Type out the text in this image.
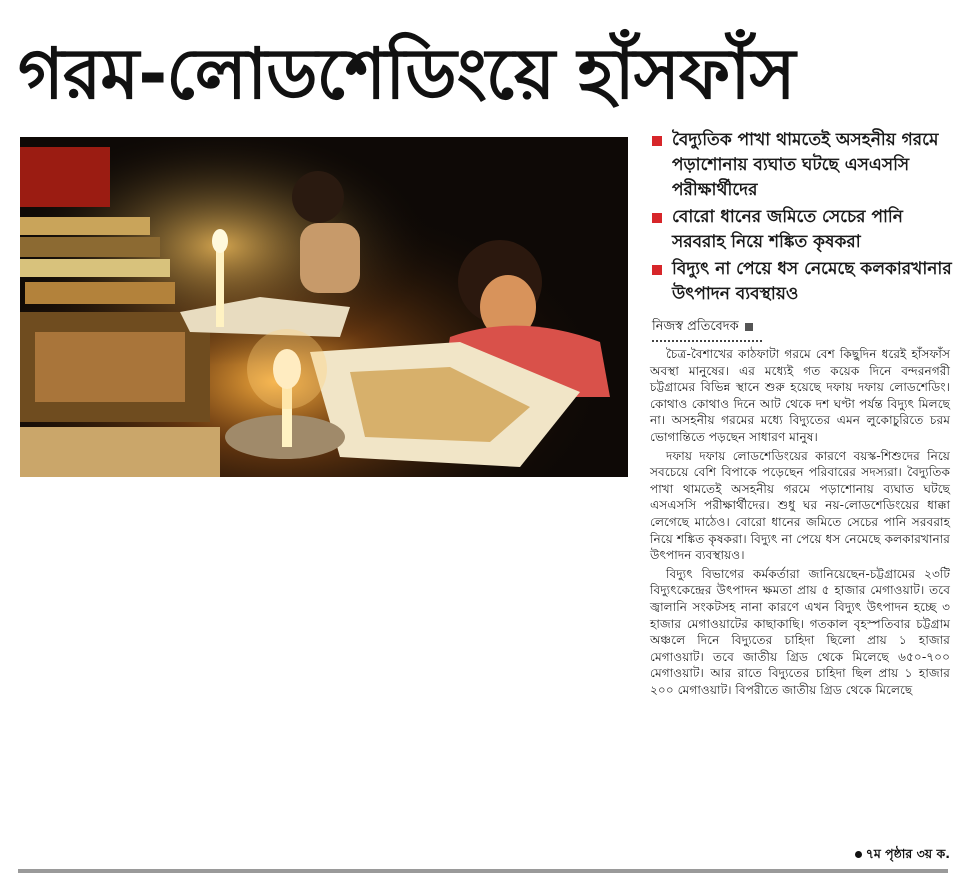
গরম-লোডশেডিংয়ে হাঁসফাঁস
বৈদ্যুতিক পাখা থামতেই অসহনীয় গরমে পড়াশোনায় ব্যঘাত ঘটছে এসএসসি পরীক্ষার্থীদের
বোরো ধানের জমিতে সেচের পানি সরবরাহ নিয়ে শঙ্কিত কৃষকরা
বিদ্যুৎ না পেয়ে ধস নেমেছে কলকারখানার উৎপাদন ব্যবস্থায়ও
নিজস্ব প্রতিবেদক

চৈত্র-বৈশাখের কাঠফাটা গরমে বেশ কিছুদিন ধরেই হাঁসফাঁস অবস্থা মানুষের। এর মধ্যেই গত কয়েক দিনে বন্দরনগরী চট্টগ্রামের বিভিন্ন স্থানে শুরু হয়েছে দফায় দফায় লোডশেডিং। কোথাও কোথাও দিনে আট থেকে দশ ঘণ্টা পর্যন্ত বিদ্যুৎ মিলছে না। অসহনীয় গরমের মধ্যে বিদ্যুতের এমন লুকোচুরিতে চরম ভোগান্তিতে পড়ছেন সাধারণ মানুষ।

দফায় দফায় লোডশেডিংয়ের কারণে বয়স্ক-শিশুদের নিয়ে সবচেয়ে বেশি বিপাকে পড়েছেন পরিবারের সদস্যরা। বৈদ্যুতিক পাখা থামতেই অসহনীয় গরমে পড়াশোনায় ব্যঘাত ঘটছে এসএসসি পরীক্ষার্থীদের। শুধু ঘর নয়-লোডশেডিংয়ের ধাক্কা লেগেছে মাঠেও। বোরো ধানের জমিতে সেচের পানি সরবরাহ নিয়ে শঙ্কিত কৃষকরা। বিদ্যুৎ না পেয়ে ধস নেমেছে কলকারখানার উৎপাদন ব্যবস্থায়ও।

বিদ্যুৎ বিভাগের কর্মকর্তারা জানিয়েছেন-চট্টগ্রামের ২৩টি বিদ্যুৎকেন্দ্রের উৎপাদন ক্ষমতা প্রায় ৫ হাজার মেগাওয়াট। তবে জ্বালানি সংকটসহ নানা কারণে এখন বিদ্যুৎ উৎপাদন হচ্ছে ৩ হাজার মেগাওয়াটের কাছাকাছি। গতকাল বৃহস্পতিবার চট্টগ্রাম অঞ্চলে দিনে বিদ্যুতের চাহিদা ছিলো প্রায় ১ হাজার মেগাওয়াট। তবে জাতীয় গ্রিড থেকে মিলেছে ৬৫০-৭০০ মেগাওয়াট। আর রাতে বিদ্যুতের চাহিদা ছিল প্রায় ১ হাজার ২০০ মেগাওয়াট। বিপরীতে জাতীয় গ্রিড থেকে মিলেছে

৭ম পৃষ্ঠার ৩য় ক.
